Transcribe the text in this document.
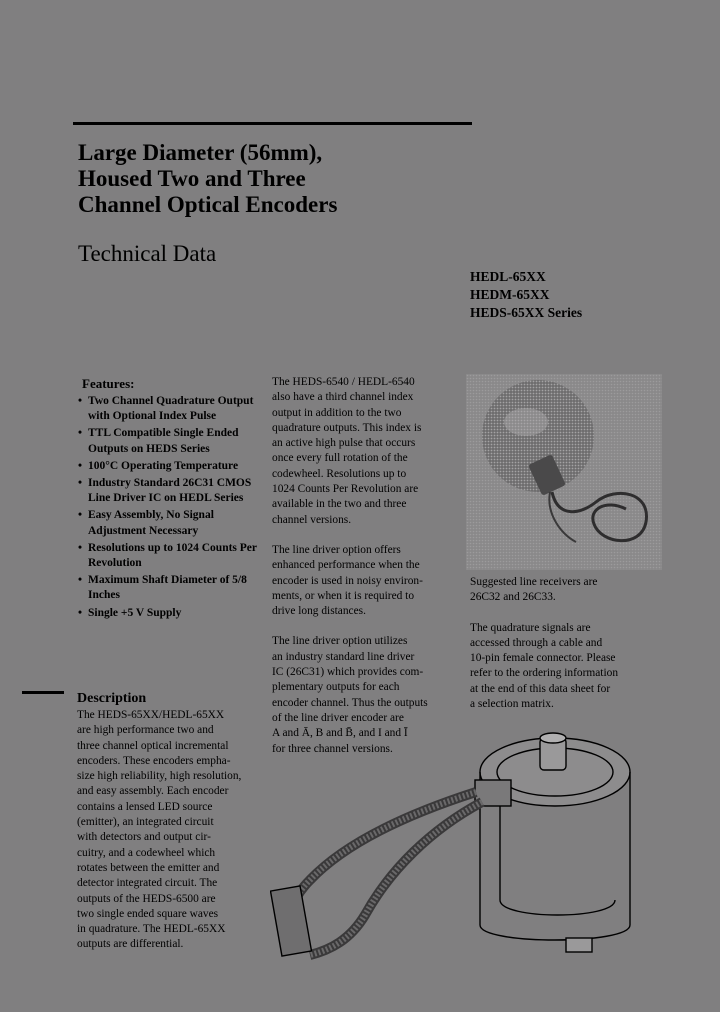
Large Diameter (56mm),
Housed Two and Three
Channel Optical Encoders
Technical Data
HEDL-65XX
HEDM-65XX
HEDS-65XX Series
Features:
• Two Channel Quadrature Output with Optional Index Pulse
• TTL Compatible Single Ended Outputs on HEDS Series
• 100°C Operating Temperature
• Industry Standard 26C31 CMOS Line Driver IC on HEDL Series
• Easy Assembly, No Signal Adjustment Necessary
• Resolutions up to 1024 Counts Per Revolution
• Maximum Shaft Diameter of 5/8 Inches
• Single +5 V Supply
Description

The HEDS-65XX/HEDL-65XX
are high performance two and
three channel optical incremental
encoders. These encoders empha-
size high reliability, high resolution,
and easy assembly. Each encoder
contains a lensed LED source
(emitter), an integrated circuit
with detectors and output cir-
cuitry, and a codewheel which
rotates between the emitter and
detector integrated circuit. The
outputs of the HEDS-6500 are
two single ended square waves
in quadrature. The HEDL-65XX
outputs are differential.

The HEDS-6540 / HEDL-6540
also have a third channel index
output in addition to the two
quadrature outputs. This index is
an active high pulse that occurs
once every full rotation of the
codewheel. Resolutions up to
1024 Counts Per Revolution are
available in the two and three
channel versions.

The line driver option offers
enhanced performance when the
encoder is used in noisy environ-
ments, or when it is required to
drive long distances.

The line driver option utilizes
an industry standard line driver
IC (26C31) which provides com-
plementary outputs for each
encoder channel. Thus the outputs
of the line driver encoder are
A and Ā, B and B̄, and I and Ī
for three channel versions.

Suggested line receivers are
26C32 and 26C33.

The quadrature signals are
accessed through a cable and
10-pin female connector. Please
refer to the ordering information
at the end of this data sheet for
a selection matrix.
